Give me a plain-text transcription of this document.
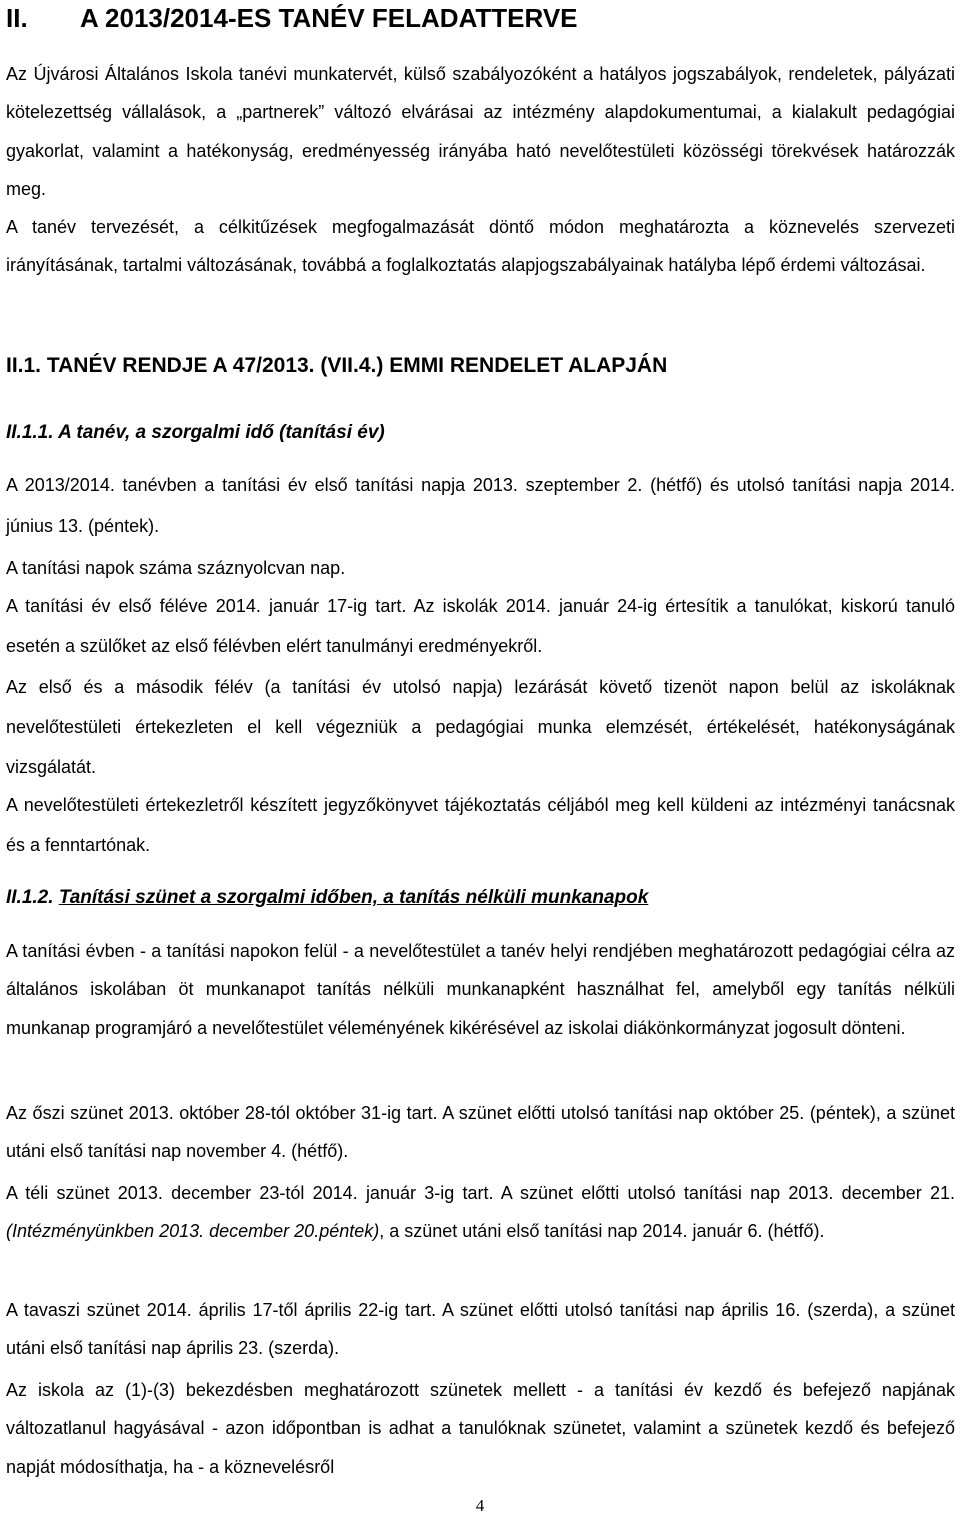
II. A 2013/2014-ES TANÉV FELADATTERVE
Az Újvárosi Általános Iskola tanévi munkatervét, külső szabályozóként a hatályos jogszabályok, rendeletek, pályázati kötelezettség vállalások, a „partnerek” változó elvárásai az intézmény alapdokumentumai, a kialakult pedagógiai gyakorlat, valamint a hatékonyság, eredményesség irányába ható nevelőtestületi közösségi törekvések határozzák meg.
A tanév tervezését, a célkitűzések megfogalmazását döntő módon meghatározta a köznevelés szervezeti irányításának, tartalmi változásának, továbbá a foglalkoztatás alapjogszabályainak hatályba lépő érdemi változásai.
II.1. TANÉV RENDJE A 47/2013. (VII.4.) EMMI RENDELET ALAPJÁN
II.1.1. A tanév, a szorgalmi idő (tanítási év)
A 2013/2014. tanévben a tanítási év első tanítási napja 2013. szeptember 2. (hétfő) és utolsó tanítási napja 2014. június 13. (péntek).
A tanítási napok száma száznyolcvan nap.
A tanítási év első féléve 2014. január 17-ig tart. Az iskolák 2014. január 24-ig értesítik a tanulókat, kiskorú tanuló esetén a szülőket az első félévben elért tanulmányi eredményekről.
Az első és a második félév (a tanítási év utolsó napja) lezárását követő tizenöt napon belül az iskoláknak nevelőtestületi értekezleten el kell végezniük a pedagógiai munka elemzését, értékelését, hatékonyságának vizsgálatát.
A nevelőtestületi értekezletről készített jegyzőkönyvet tájékoztatás céljából meg kell küldeni az intézményi tanácsnak és a fenntartónak.
II.1.2. Tanítási szünet a szorgalmi időben, a tanítás nélküli munkanapok
A tanítási évben - a tanítási napokon felül - a nevelőtestület a tanév helyi rendjében meghatározott pedagógiai célra az általános iskolában öt munkanapot tanítás nélküli munkanapként használhat fel, amelyből egy tanítás nélküli munkanap programjáró a nevelőtestület véleményének kikérésével az iskolai diákönkormányzat jogosult dönteni.
Az őszi szünet 2013. október 28-tól október 31-ig tart. A szünet előtti utolsó tanítási nap október 25. (péntek), a szünet utáni első tanítási nap november 4. (hétfő).
A téli szünet 2013. december 23-tól 2014. január 3-ig tart. A szünet előtti utolsó tanítási nap 2013. december 21. (Intézményünkben 2013. december 20.péntek), a szünet utáni első tanítási nap 2014. január 6. (hétfő).
A tavaszi szünet 2014. április 17-től április 22-ig tart. A szünet előtti utolsó tanítási nap április 16. (szerda), a szünet utáni első tanítási nap április 23. (szerda).
Az iskola az (1)-(3) bekezdésben meghatározott szünetek mellett - a tanítási év kezdő és befejező napjának változatlanul hagyásával - azon időpontban is adhat a tanulóknak szünetet, valamint a szünetek kezdő és befejező napját módosíthatja, ha - a köznevelésről
4
